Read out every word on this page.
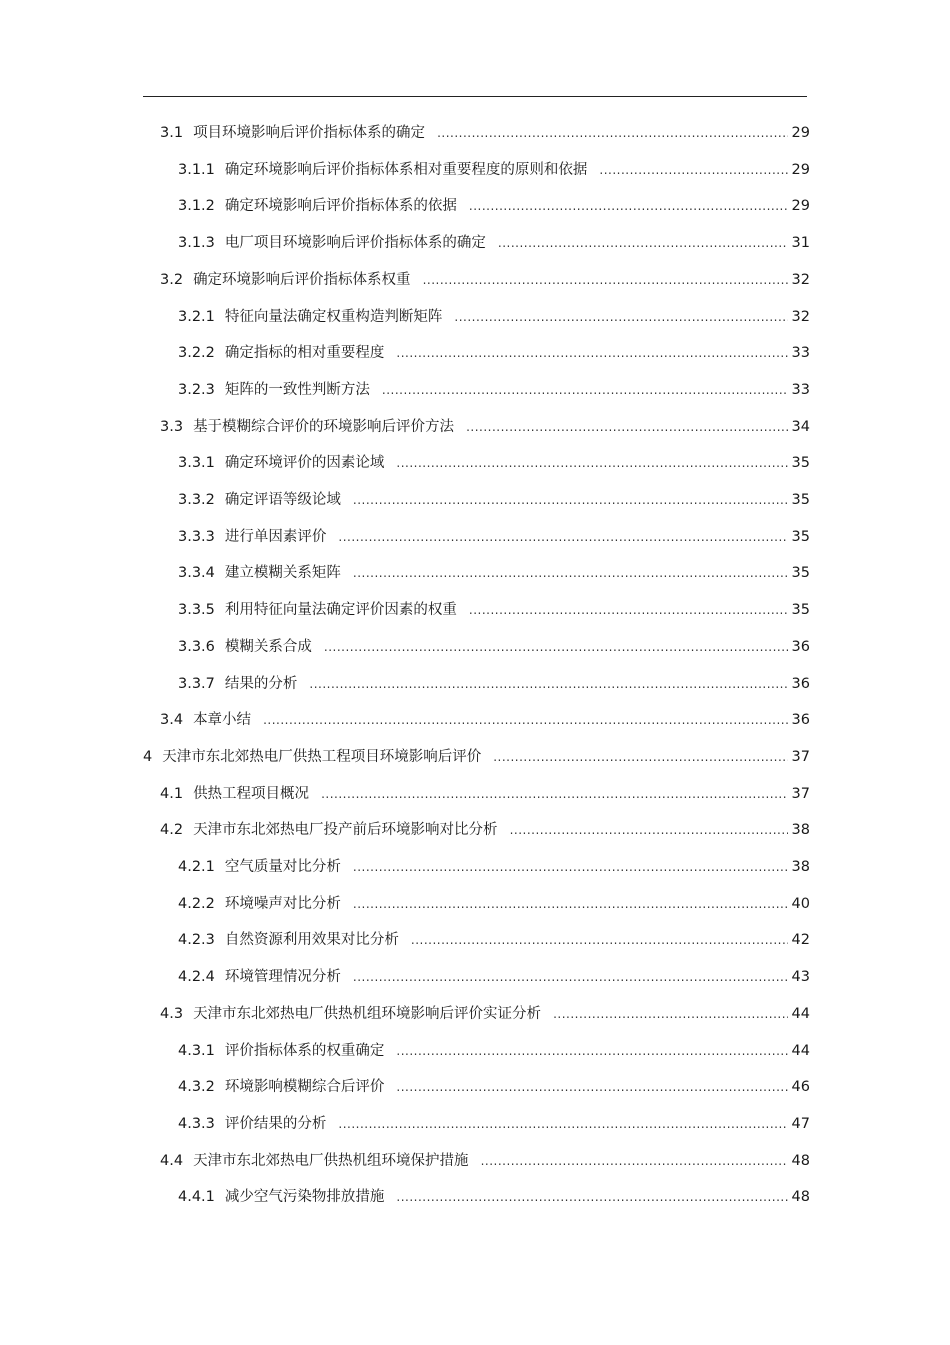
3.1 项目环境影响后评价指标体系的确定 .....	29
3.1.1 确定环境影响后评价指标体系相对重要程度的原则和依据 .....	29
3.1.2 确定环境影响后评价指标体系的依据 .....	29
3.1.3 电厂项目环境影响后评价指标体系的确定 .....	31
3.2 确定环境影响后评价指标体系权重 .....	32
3.2.1 特征向量法确定权重构造判断矩阵 .....	32
3.2.2 确定指标的相对重要程度 .....	33
3.2.3 矩阵的一致性判断方法 .....	33
3.3 基于模糊综合评价的环境影响后评价方法 .....	34
3.3.1 确定环境评价的因素论域 .....	35
3.3.2 确定评语等级论域 .....	35
3.3.3 进行单因素评价 .....	35
3.3.4 建立模糊关系矩阵 .....	35
3.3.5 利用特征向量法确定评价因素的权重 .....	35
3.3.6 模糊关系合成 .....	36
3.3.7 结果的分析 .....	36
3.4 本章小结 .....	36
4 天津市东北郊热电厂供热工程项目环境影响后评价 .....	37
4.1 供热工程项目概况 .....	37
4.2 天津市东北郊热电厂投产前后环境影响对比分析 .....	38
4.2.1 空气质量对比分析 .....	38
4.2.2 环境噪声对比分析 .....	40
4.2.3 自然资源利用效果对比分析 .....	42
4.2.4 环境管理情况分析 .....	43
4.3 天津市东北郊热电厂供热机组环境影响后评价实证分析 .....	44
4.3.1 评价指标体系的权重确定 .....	44
4.3.2 环境影响模糊综合后评价 .....	46
4.3.3 评价结果的分析 .....	47
4.4 天津市东北郊热电厂供热机组环境保护措施 .....	48
4.4.1 减少空气污染物排放措施 .....	48
